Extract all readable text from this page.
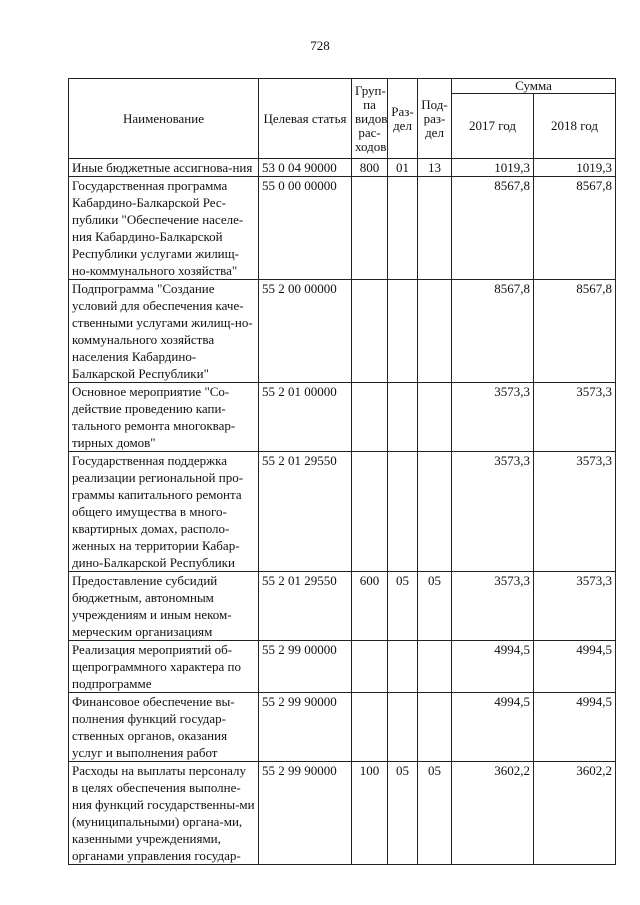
728
Наименование	Целевая статья	Груп- па видов рас- ходов	Раз- дел	Под- раз- дел	Сумма	
					2017 год	2018 год
Иные бюджетные ассигнова-ния	53 0 04 90000	800	01	13	1019,3	1019,3
Государственная программа Кабардино-Балкарской Рес-публики "Обеспечение населе-ния Кабардино-Балкарской Республики услугами жилищ-но-коммунального хозяйства"	55 0 00 00000				8567,8	8567,8
Подпрограмма "Создание условий для обеспечения каче-ственными услугами жилищ-но-коммунального хозяйства населения Кабардино-Балкарской Республики"	55 2 00 00000				8567,8	8567,8
Основное мероприятие "Со-действие проведению капи-тального ремонта многоквар-тирных домов"	55 2 01 00000				3573,3	3573,3
Государственная поддержка реализации региональной про-граммы капитального ремонта общего имущества в много-квартирных домах, располо-женных на территории Кабар-дино-Балкарской Республики	55 2 01 29550				3573,3	3573,3
Предоставление субсидий бюджетным, автономным учреждениям и иным неком-мерческим организациям	55 2 01 29550	600	05	05	3573,3	3573,3
Реализация мероприятий об-щепрограммного характера по подпрограмме	55 2 99 00000				4994,5	4994,5
Финансовое обеспечение вы-полнения функций государ-ственных органов, оказания услуг и выполнения работ	55 2 99 90000				4994,5	4994,5
Расходы на выплаты персоналу в целях обеспечения выполне-ния функций государственны-ми (муниципальными) органа-ми, казенными учреждениями, органами управления государ-	55 2 99 90000	100	05	05	3602,2	3602,2
